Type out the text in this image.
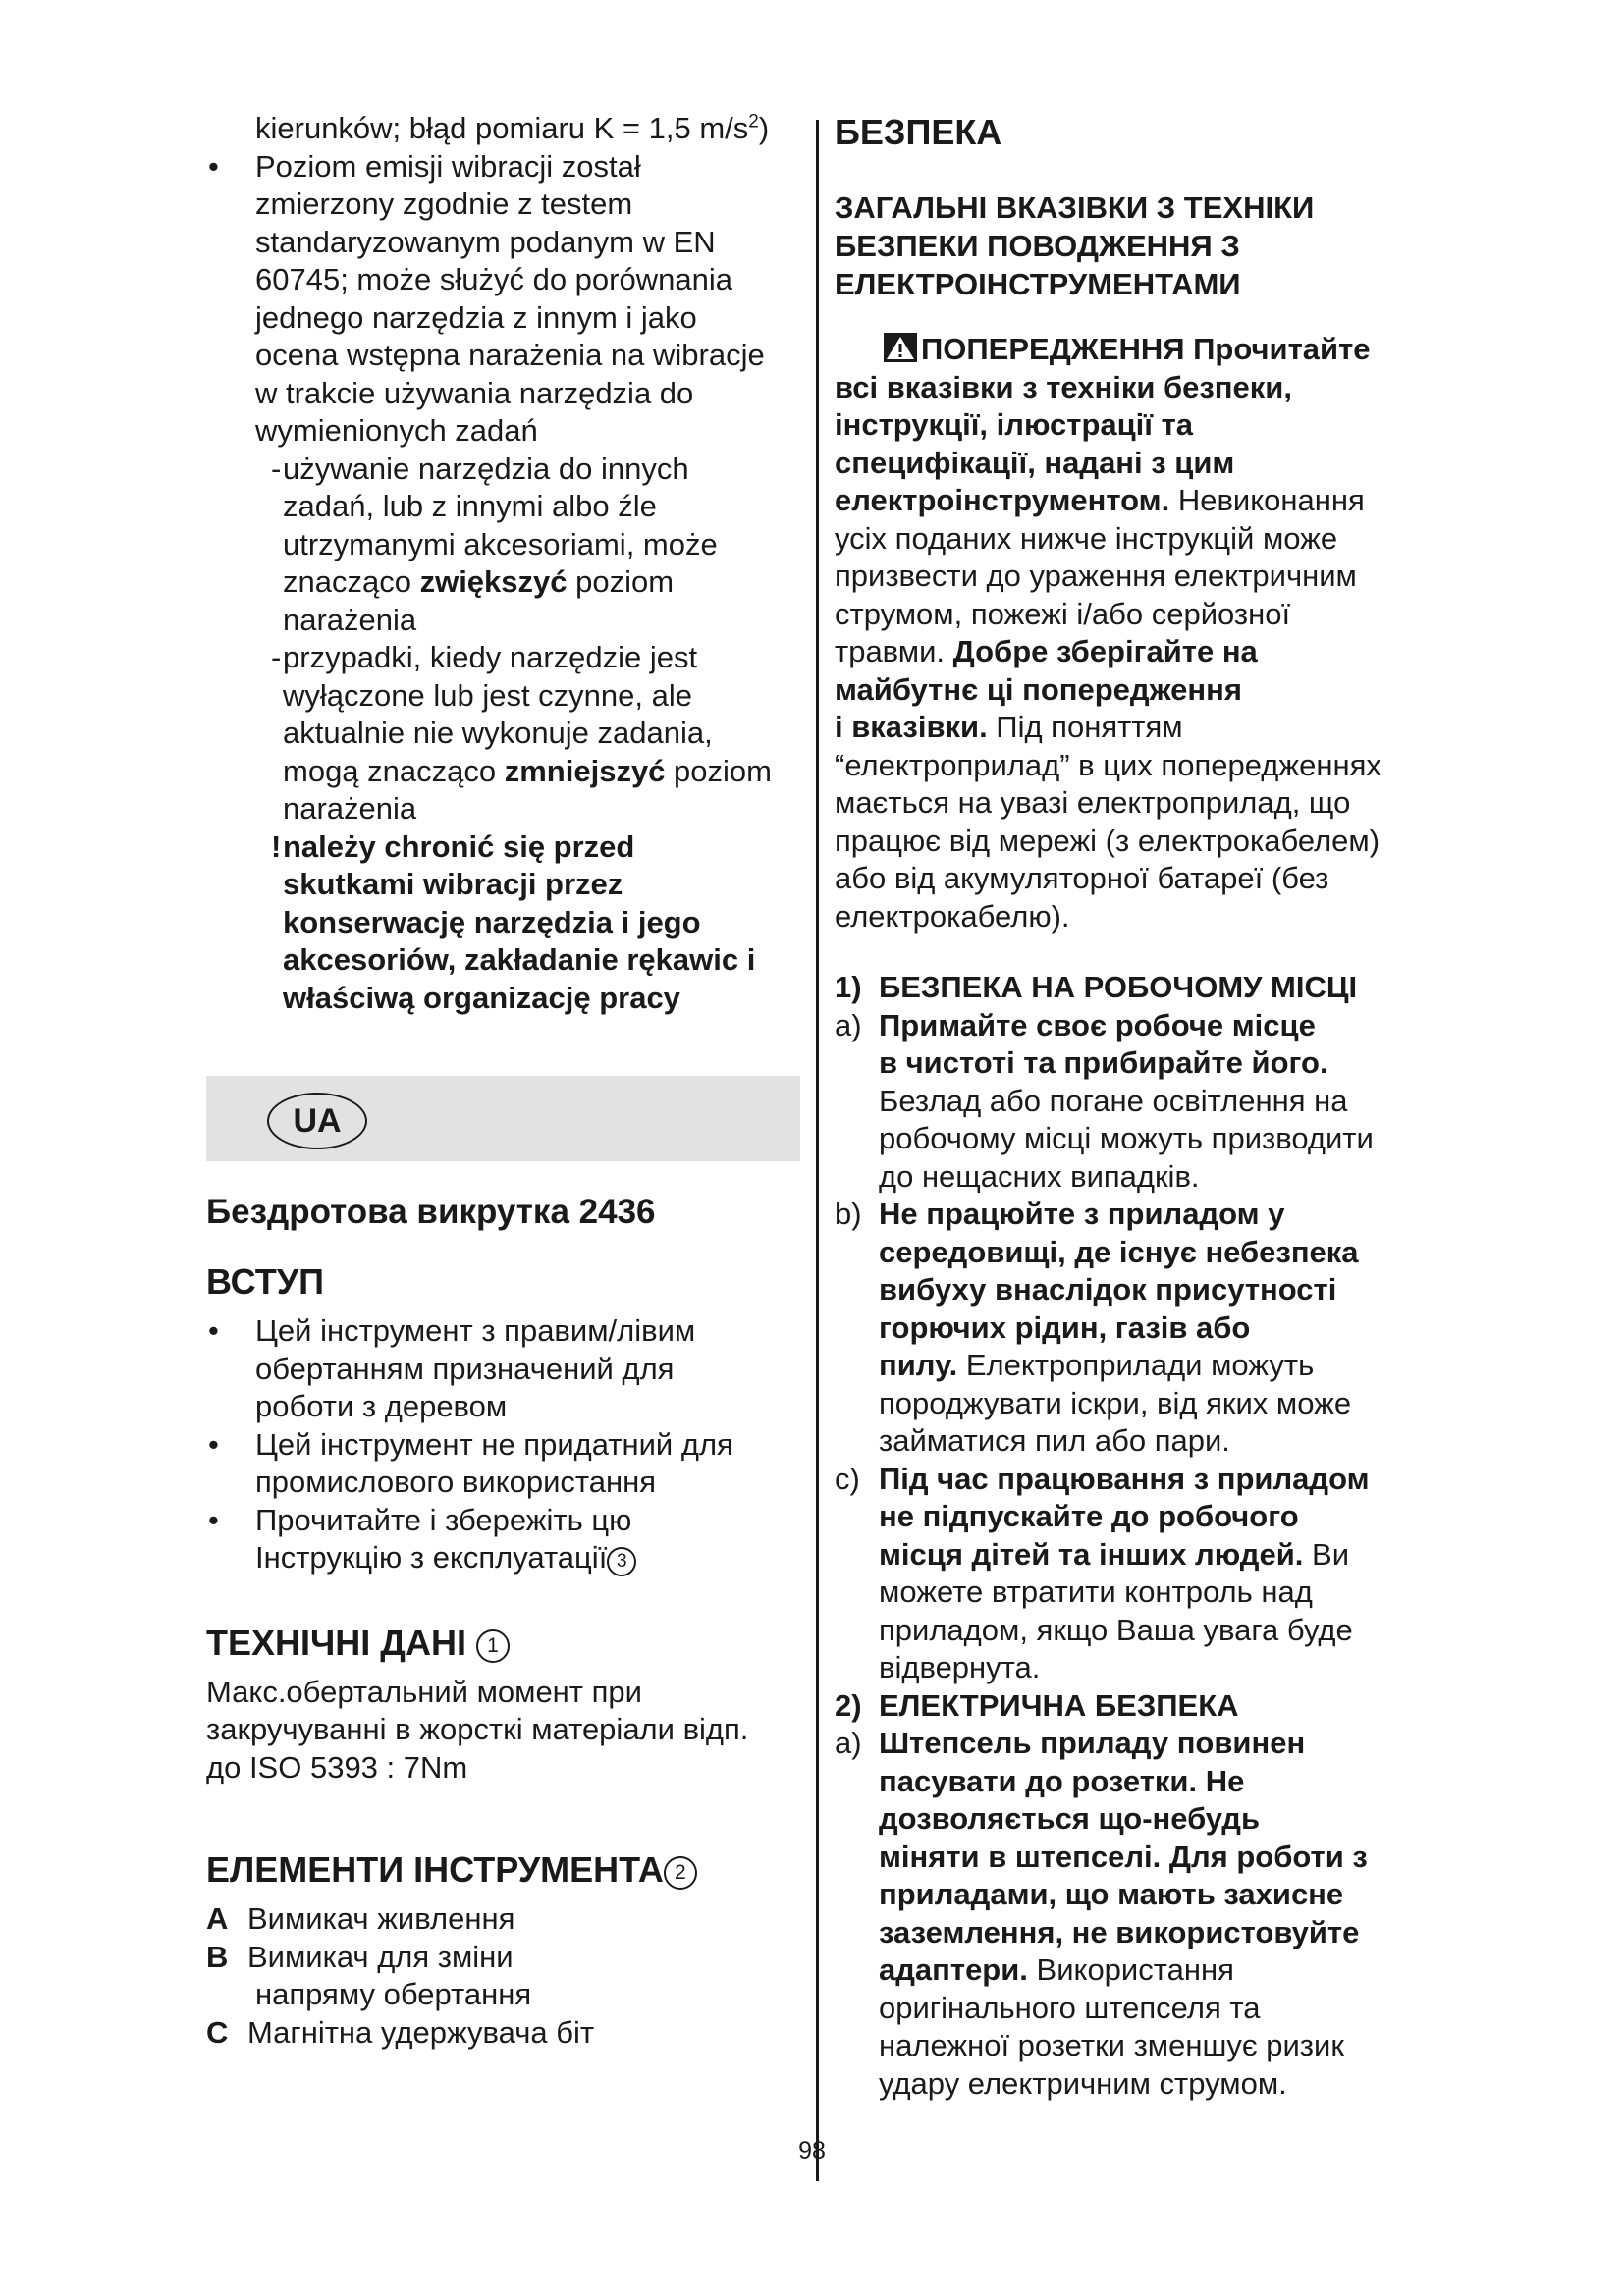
kierunków; błąd pomiaru K = 1,5 $m/s^2$)

• Poziom emisji wibracji został

zmierzony zgodnie z testem

standaryzowanym podanym w EN

60745; może służyć do porównania

jednego narzędzia z innym i jako

ocena wstępna narażenia na wibracje

w trakcie używania narzędzia do

wymienionych zadań

- używanie narzędzia do innych

zadań, lub z innymi albo źle

utrzymanymi akcesoriami, może

znacząco zwiększyć poziom

narażenia

- przypadki, kiedy narzędzie jest

wyłączone lub jest czynne, ale

aktualnie nie wykonuje zadania,

mogą znacząco zmniejszyć poziom

narażenia

! należy chronić się przed

skutkami wibracji przez

konserwację narzędzia i jego

akcesoriów, zakładanie rękawic i

właściwą organizację pracy

UA
Бездротова викрутка 2436
ВСТУП

• Цей інструмент з правим/лівим

обертанням призначений для

роботи з деревом

• Цей інструмент не придатний для

промислового використання

• Прочитайте і збережіть цю

Інструкцію з експлуатації 3

ТЕХНІЧНІ ДАНІ 1

Макс.обертальний момент при

закручуванні в жорсткі матеріали відп.

до ISO 5393 : 7Nm

ЕЛЕМЕНТИ ІНСТРУМЕНТА 2
A Вимикач живлення

B Вимикач для зміни

напряму обертання

C Магнітна удержувача біт

БЕЗПЕКА

ЗАГАЛЬНІ ВКАЗІВКИ З ТЕХНІКИ

БЕЗПЕКИ ПОВОДЖЕННЯ З

ЕЛЕКТРОІНСТРУМЕНТАМИ

ПОПЕРЕДЖЕННЯ Прочитайте

всі вказівки з техніки безпеки,

інструкції, ілюстрації та

специфікації, надані з цим

електроінструментом. Невиконання

усіх поданих нижче інструкцій може

призвести до ураження електричним

струмом, пожежі і/або серйозної

травми. Добре зберігайте на

майбутнє ці попередження

і вказівки. Під поняттям

“електроприлад” в цих попередженнях

мається на увазі електроприлад, що

працює від мережі (з електрокабелем)

або від акумуляторної батареї (без

електрокабелю).

1) БЕЗПЕКА НА РОБОЧОМУ МІСЦІ

a) Примайте своє робоче місце

в чистоті та прибирайте його.

Безлад або погане освітлення на

робочому місці можуть призводити

до нещасних випадків.

b) Не працюйте з приладом у

середовищі, де існує небезпека

вибуху внаслідок присутності

горючих рідин, газів або

пилу. Електроприлади можуть

породжувати іскри, від яких може

займатися пил або пари.

c) Під час працювання з приладом

не підпускайте до робочого

місця дітей та інших людей. Ви

можете втратити контроль над

приладом, якщо Ваша увага буде

відвернута.

2) ЕЛЕКТРИЧНА БЕЗПЕКА

a) Штепсель приладу повинен

пасувати до розетки. Не

дозволяється що-небудь

міняти в штепселі. Для роботи з

приладами, що мають захисне

заземлення, не використовуйте

адаптери. Використання

оригінального штепселя та

належної розетки зменшує ризик

удару електричним струмом.

98
